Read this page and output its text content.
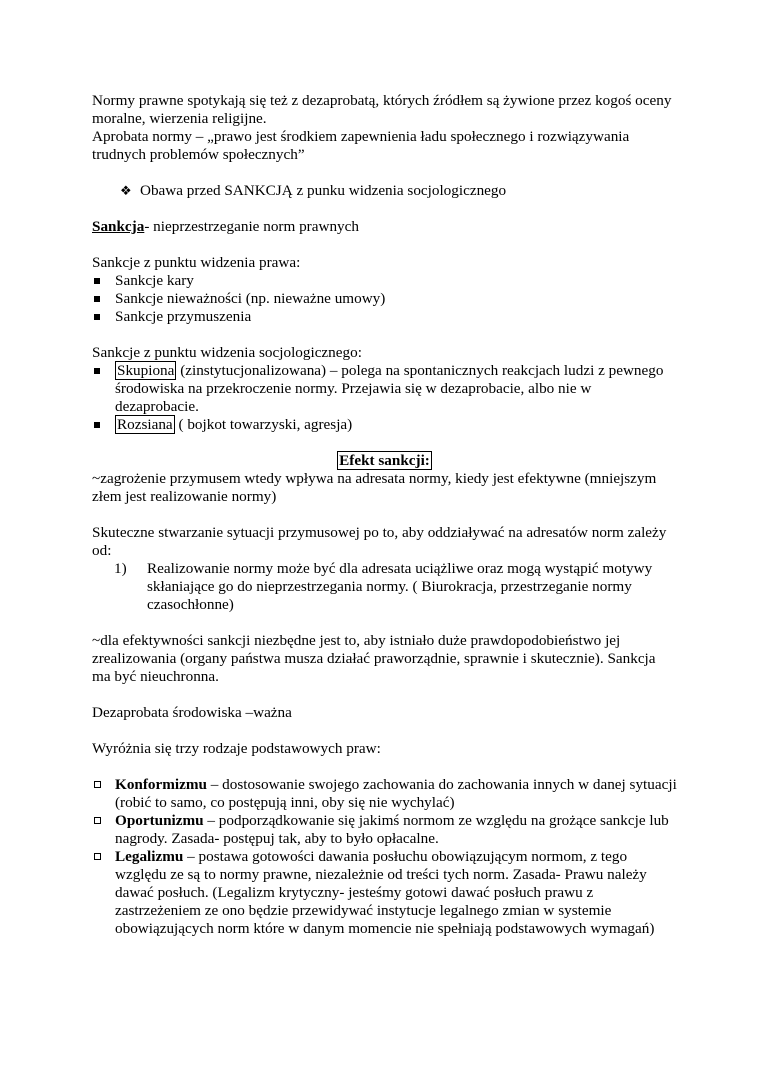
Normy prawne spotykają się też z dezaprobatą, których źródłem są żywione przez kogoś oceny moralne, wierzenia religijne.

Aprobata normy – „prawo jest środkiem zapewnienia ładu społecznego i rozwiązywania trudnych problemów społecznych”

❖ Obawa przed SANKCJĄ z punku widzenia socjologicznego

Sankcja- nieprzestrzeganie norm prawnych

Sankcje z punktu widzenia prawa:

Sankcje kary
Sankcje nieważności (np. nieważne umowy)
Sankcje przymuszenia

Sankcje z punktu widzenia socjologicznego:

Skupiona (zinstytucjonalizowana) – polega na spontanicznych reakcjach ludzi z pewnego środowiska na przekroczenie normy. Przejawia się w dezaprobacie, albo nie w dezaprobacie.
Rozsiana ( bojkot towarzyski, agresja)

Efekt sankcji:

~zagrożenie przymusem wtedy wpływa na adresata normy, kiedy jest efektywne (mniejszym złem jest realizowanie normy)

Skuteczne stwarzanie sytuacji przymusowej po to, aby oddziaływać na adresatów norm zależy od:

1) Realizowanie normy może być dla adresata uciążliwe oraz mogą wystąpić motywy skłaniające go do nieprzestrzegania normy. ( Biurokracja, przestrzeganie normy czasochłonne)

~dla efektywności sankcji niezbędne jest to, aby istniało duże prawdopodobieństwo jej zrealizowania (organy państwa musza działać praworządnie, sprawnie i skutecznie). Sankcja ma być nieuchronna.

Dezaprobata środowiska –ważna

Wyróżnia się trzy rodzaje podstawowych praw:

Konformizmu – dostosowanie swojego zachowania do zachowania innych w danej sytuacji (robić to samo, co postępują inni, oby się nie wychylać)
Oportunizmu – podporządkowanie się jakimś normom ze względu na grożące sankcje lub nagrody. Zasada- postępuj tak, aby to było opłacalne.
Legalizmu – postawa gotowości dawania posłuchu obowiązującym normom, z tego względu ze są to normy prawne, niezależnie od treści tych norm. Zasada- Prawu należy dawać posłuch. (Legalizm krytyczny- jesteśmy gotowi dawać posłuch prawu z zastrzeżeniem ze ono będzie przewidywać instytucje legalnego zmian w systemie obowiązujących norm które w danym momencie nie spełniają podstawowych wymagań)
